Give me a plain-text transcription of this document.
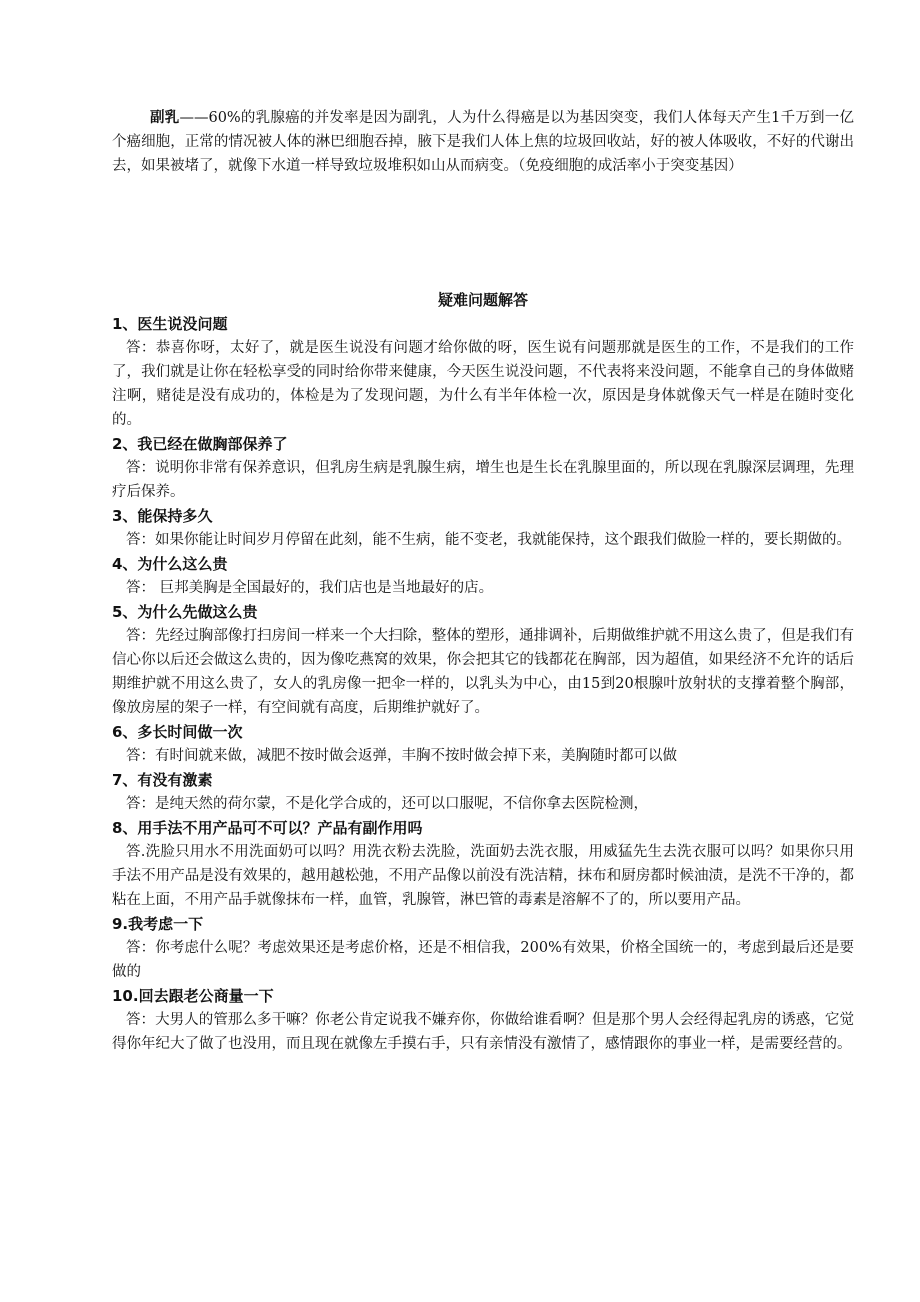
副乳——60%的乳腺癌的并发率是因为副乳，人为什么得癌是以为基因突变，我们人体每天产生1千万到一亿个癌细胞，正常的情况被人体的淋巴细胞吞掉，腋下是我们人体上焦的垃圾回收站，好的被人体吸收，不好的代谢出去，如果被堵了，就像下水道一样导致垃圾堆积如山从而病变。（免疫细胞的成活率小于突变基因）

疑难问题解答

1、医生说没问题

答：恭喜你呀，太好了，就是医生说没有问题才给你做的呀，医生说有问题那就是医生的工作，不是我们的工作了，我们就是让你在轻松享受的同时给你带来健康，今天医生说没问题，不代表将来没问题，不能拿自己的身体做赌注啊，赌徒是没有成功的，体检是为了发现问题，为什么有半年体检一次，原因是身体就像天气一样是在随时变化的。

2、我已经在做胸部保养了

答：说明你非常有保养意识，但乳房生病是乳腺生病，增生也是生长在乳腺里面的，所以现在乳腺深层调理，先理疗后保养。

3、能保持多久

答：如果你能让时间岁月停留在此刻，能不生病，能不变老，我就能保持，这个跟我们做脸一样的，要长期做的。

4、为什么这么贵

答： 巨邦美胸是全国最好的，我们店也是当地最好的店。

5、为什么先做这么贵

答：先经过胸部像打扫房间一样来一个大扫除，整体的塑形，通排调补，后期做维护就不用这么贵了，但是我们有信心你以后还会做这么贵的，因为像吃燕窝的效果，你会把其它的钱都花在胸部，因为超值，如果经济不允许的话后期维护就不用这么贵了，女人的乳房像一把伞一样的，以乳头为中心，由15到20根腺叶放射状的支撑着整个胸部，像放房屋的架子一样，有空间就有高度，后期维护就好了。

6、多长时间做一次

答：有时间就来做，减肥不按时做会返弹，丰胸不按时做会掉下来，美胸随时都可以做

7、有没有激素

答：是纯天然的荷尔蒙，不是化学合成的，还可以口服呢，不信你拿去医院检测，

8、用手法不用产品可不可以？产品有副作用吗

答.洗脸只用水不用洗面奶可以吗？用洗衣粉去洗脸，洗面奶去洗衣服，用威猛先生去洗衣服可以吗？如果你只用手法不用产品是没有效果的，越用越松弛，不用产品像以前没有洗洁精，抹布和厨房都时候油渍，是洗不干净的，都粘在上面，不用产品手就像抹布一样，血管，乳腺管，淋巴管的毒素是溶解不了的，所以要用产品。

9.我考虑一下

答：你考虑什么呢？考虑效果还是考虑价格，还是不相信我，200%有效果，价格全国统一的，考虑到最后还是要做的

10.回去跟老公商量一下

答：大男人的管那么多干嘛？你老公肯定说我不嫌弃你，你做给谁看啊？但是那个男人会经得起乳房的诱惑，它觉得你年纪大了做了也没用，而且现在就像左手摸右手，只有亲情没有激情了，感情跟你的事业一样，是需要经营的。
